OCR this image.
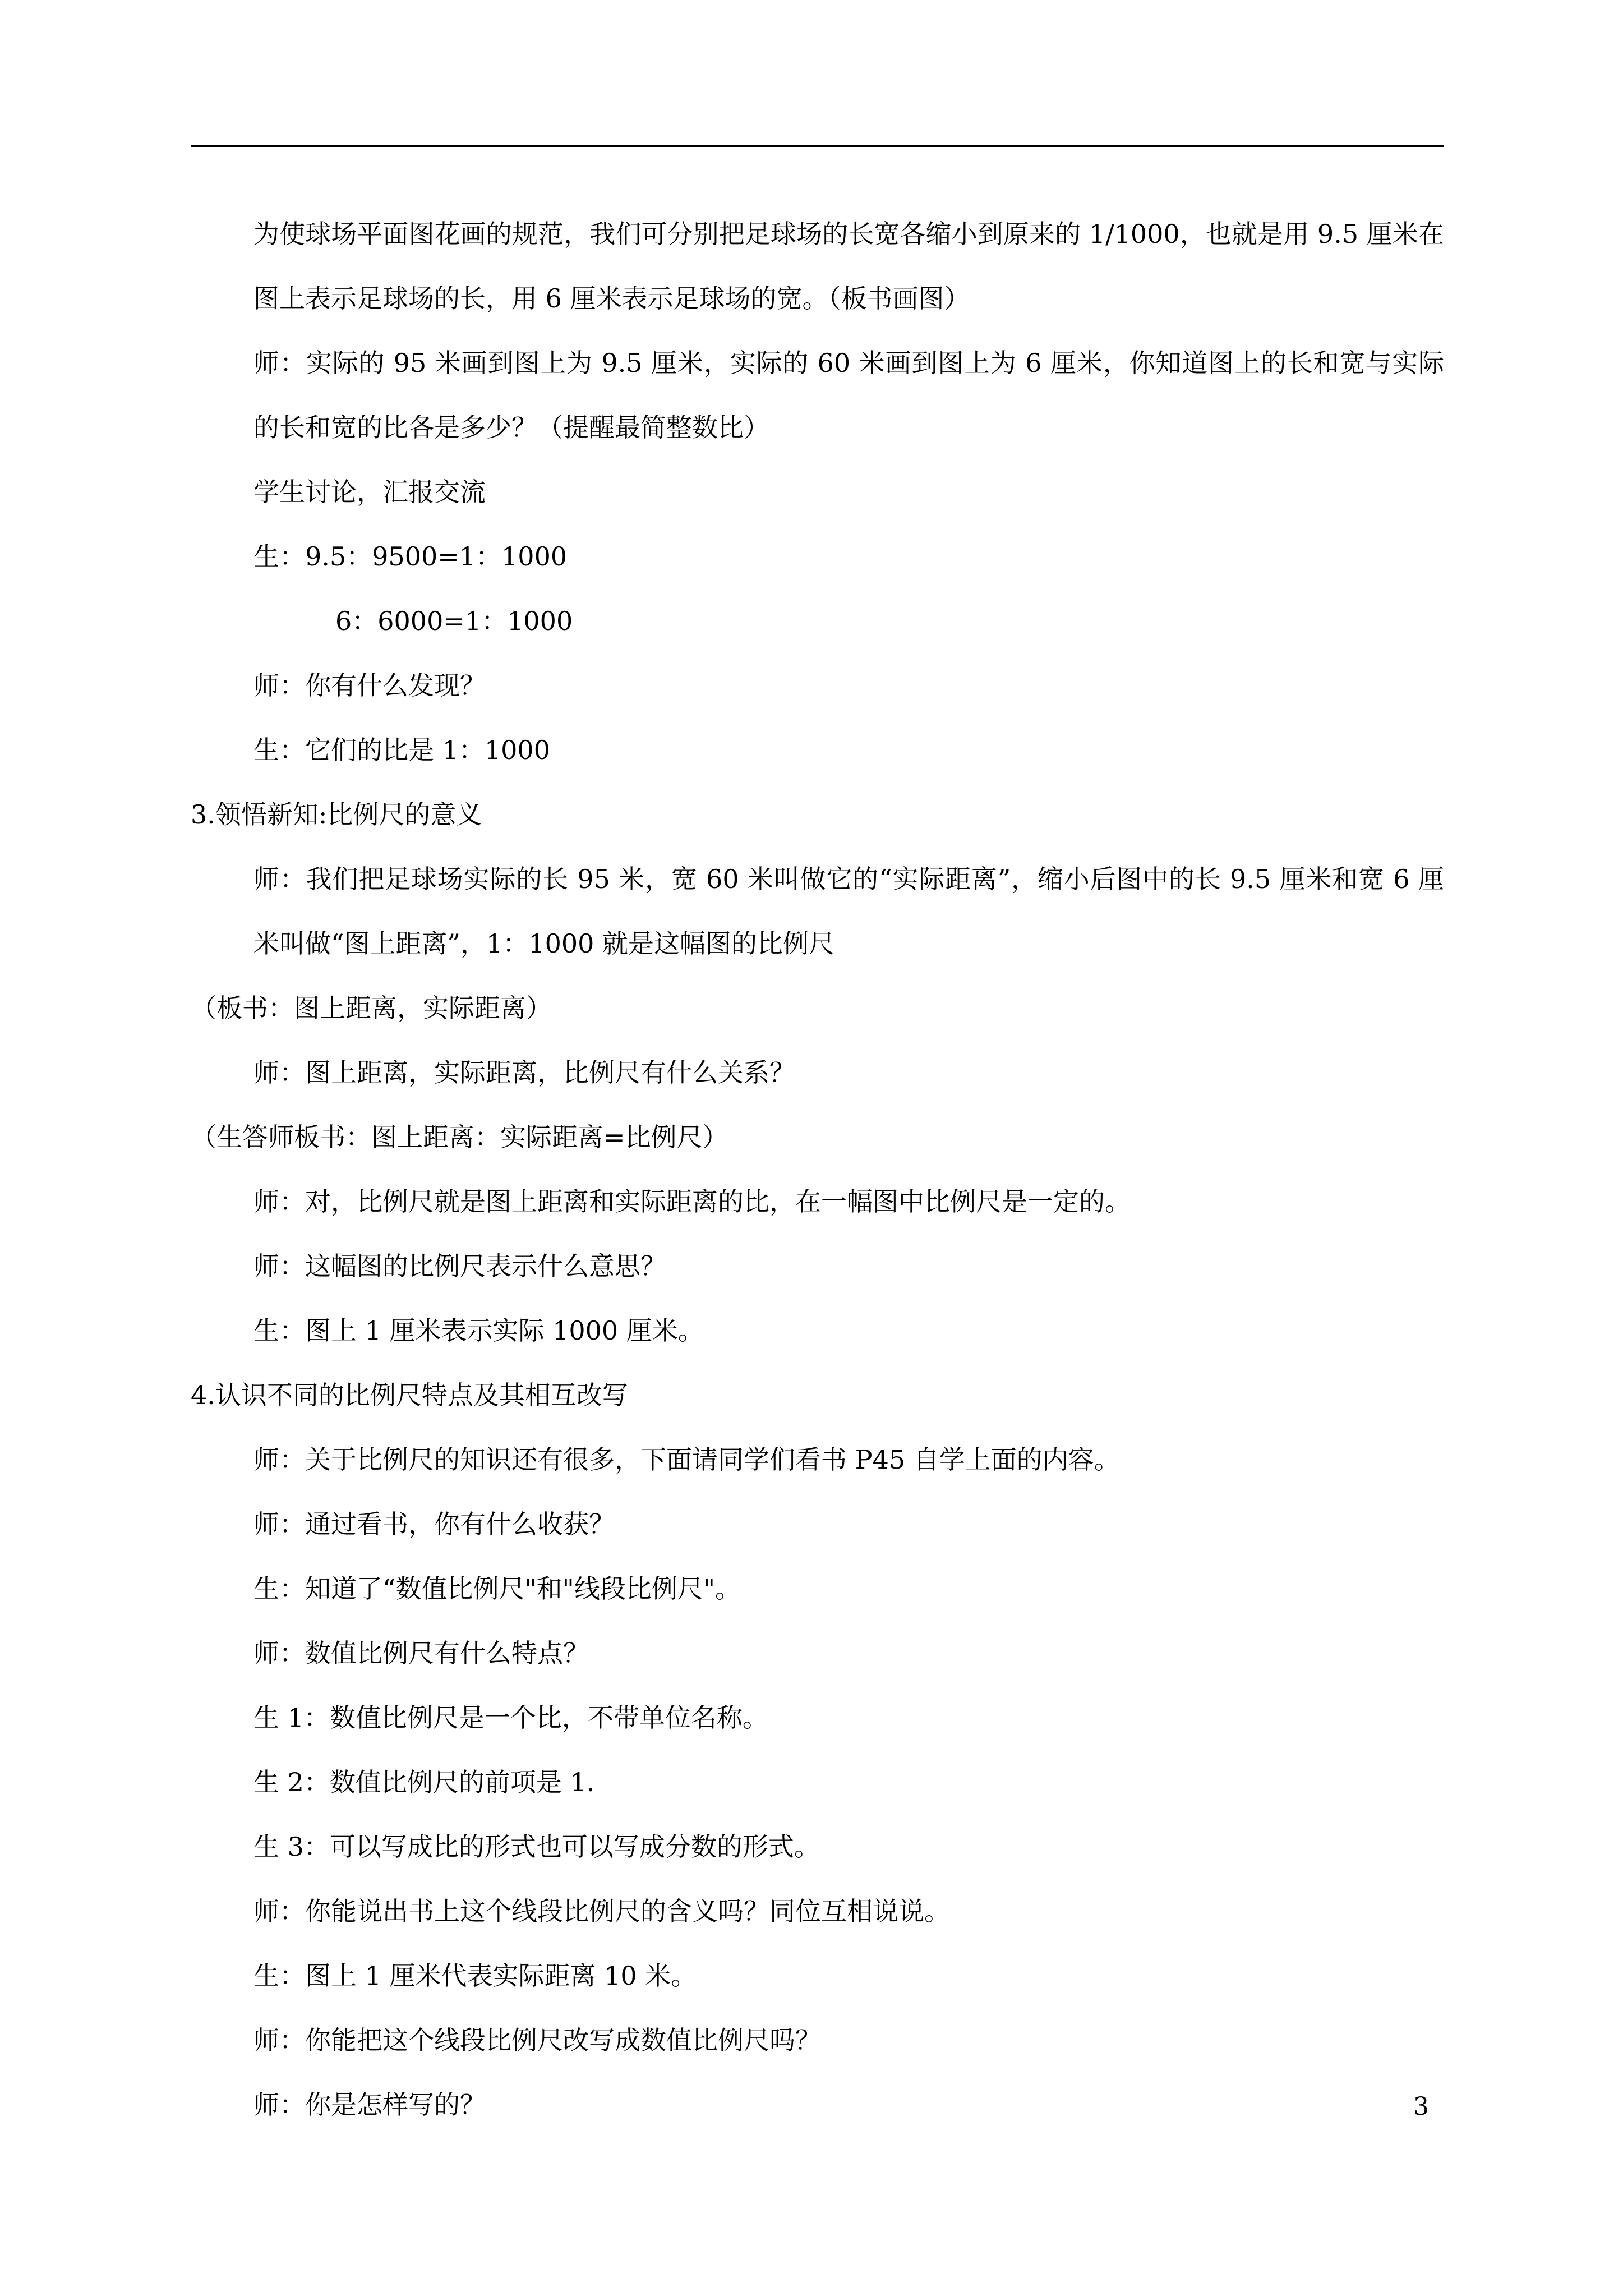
为使球场平面图花画的规范，我们可分别把足球场的长宽各缩小到原来的 1/1000，也就是用 9.5 厘米在图上表示足球场的长，用 6 厘米表示足球场的宽。（板书画图）

师：实际的 95 米画到图上为 9.5 厘米，实际的 60 米画到图上为 6 厘米，你知道图上的长和宽与实际的长和宽的比各是多少？（提醒最简整数比）

学生讨论，汇报交流

生：9.5：9500=1：1000

6：6000=1：1000

师：你有什么发现？

生：它们的比是 1：1000

3.领悟新知:比例尺的意义

师：我们把足球场实际的长 95 米，宽 60 米叫做它的“实际距离”，缩小后图中的长 9.5 厘米和宽 6 厘米叫做“图上距离”，1：1000 就是这幅图的比例尺

（板书：图上距离，实际距离）

师：图上距离，实际距离，比例尺有什么关系？

（生答师板书：图上距离：实际距离=比例尺）

师：对，比例尺就是图上距离和实际距离的比，在一幅图中比例尺是一定的。

师：这幅图的比例尺表示什么意思？

生：图上 1 厘米表示实际 1000 厘米。

4.认识不同的比例尺特点及其相互改写

师：关于比例尺的知识还有很多，下面请同学们看书 P45 自学上面的内容。

师：通过看书，你有什么收获？

生：知道了“数值比例尺"和"线段比例尺"。

师：数值比例尺有什么特点？

生 1：数值比例尺是一个比，不带单位名称。

生 2：数值比例尺的前项是 1.

生 3：可以写成比的形式也可以写成分数的形式。

师：你能说出书上这个线段比例尺的含义吗？同位互相说说。

生：图上 1 厘米代表实际距离 10 米。

师：你能把这个线段比例尺改写成数值比例尺吗？

师：你是怎样写的？	3
